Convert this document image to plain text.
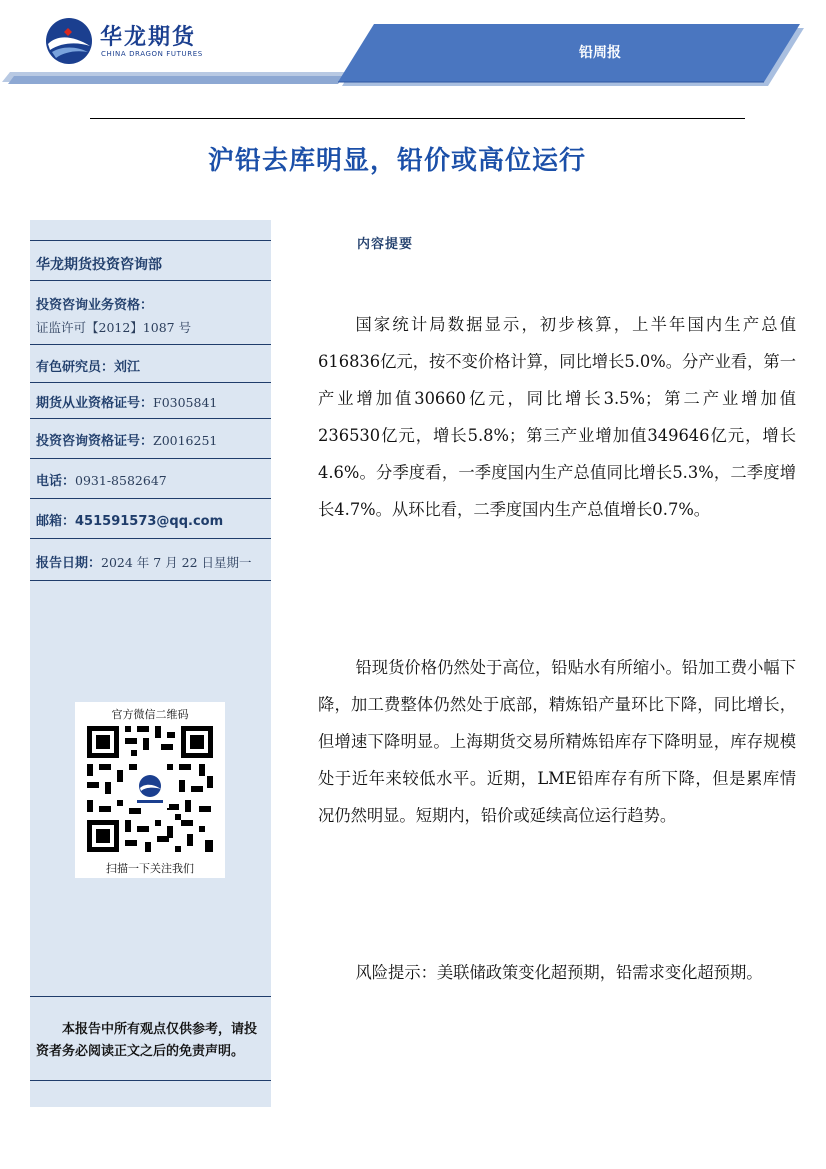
华龙期货
CHINA DRAGON FUTURES	铅周报
沪铅去库明显，铅价或高位运行
华龙期货投资咨询部
投资咨询业务资格：
证监许可【2012】1087 号
有色研究员：刘江
期货从业资格证号：F0305841
投资咨询资格证号：Z0016251
电话：0931-8582647
邮箱：451591573@qq.com
报告日期：2024 年 7 月 22 日星期一
官方微信二维码
扫描一下关注我们
本报告中所有观点仅供参考，请投资者务必阅读正文之后的免责声明。
内容提要
国家统计局数据显示，初步核算，上半年国内生产总值616836亿元，按不变价格计算，同比增长5.0%。分产业看，第一产业增加值30660亿元，同比增长3.5%；第二产业增加值236530亿元，增长5.8%；第三产业增加值349646亿元，增长4.6%。分季度看，一季度国内生产总值同比增长5.3%，二季度增长4.7%。从环比看，二季度国内生产总值增长0.7%。
铅现货价格仍然处于高位，铅贴水有所缩小。铅加工费小幅下降，加工费整体仍然处于底部，精炼铅产量环比下降，同比增长，但增速下降明显。上海期货交易所精炼铅库存下降明显，库存规模处于近年来较低水平。近期，LME铅库存有所下降，但是累库情况仍然明显。短期内，铅价或延续高位运行趋势。
风险提示：美联储政策变化超预期，铅需求变化超预期。
